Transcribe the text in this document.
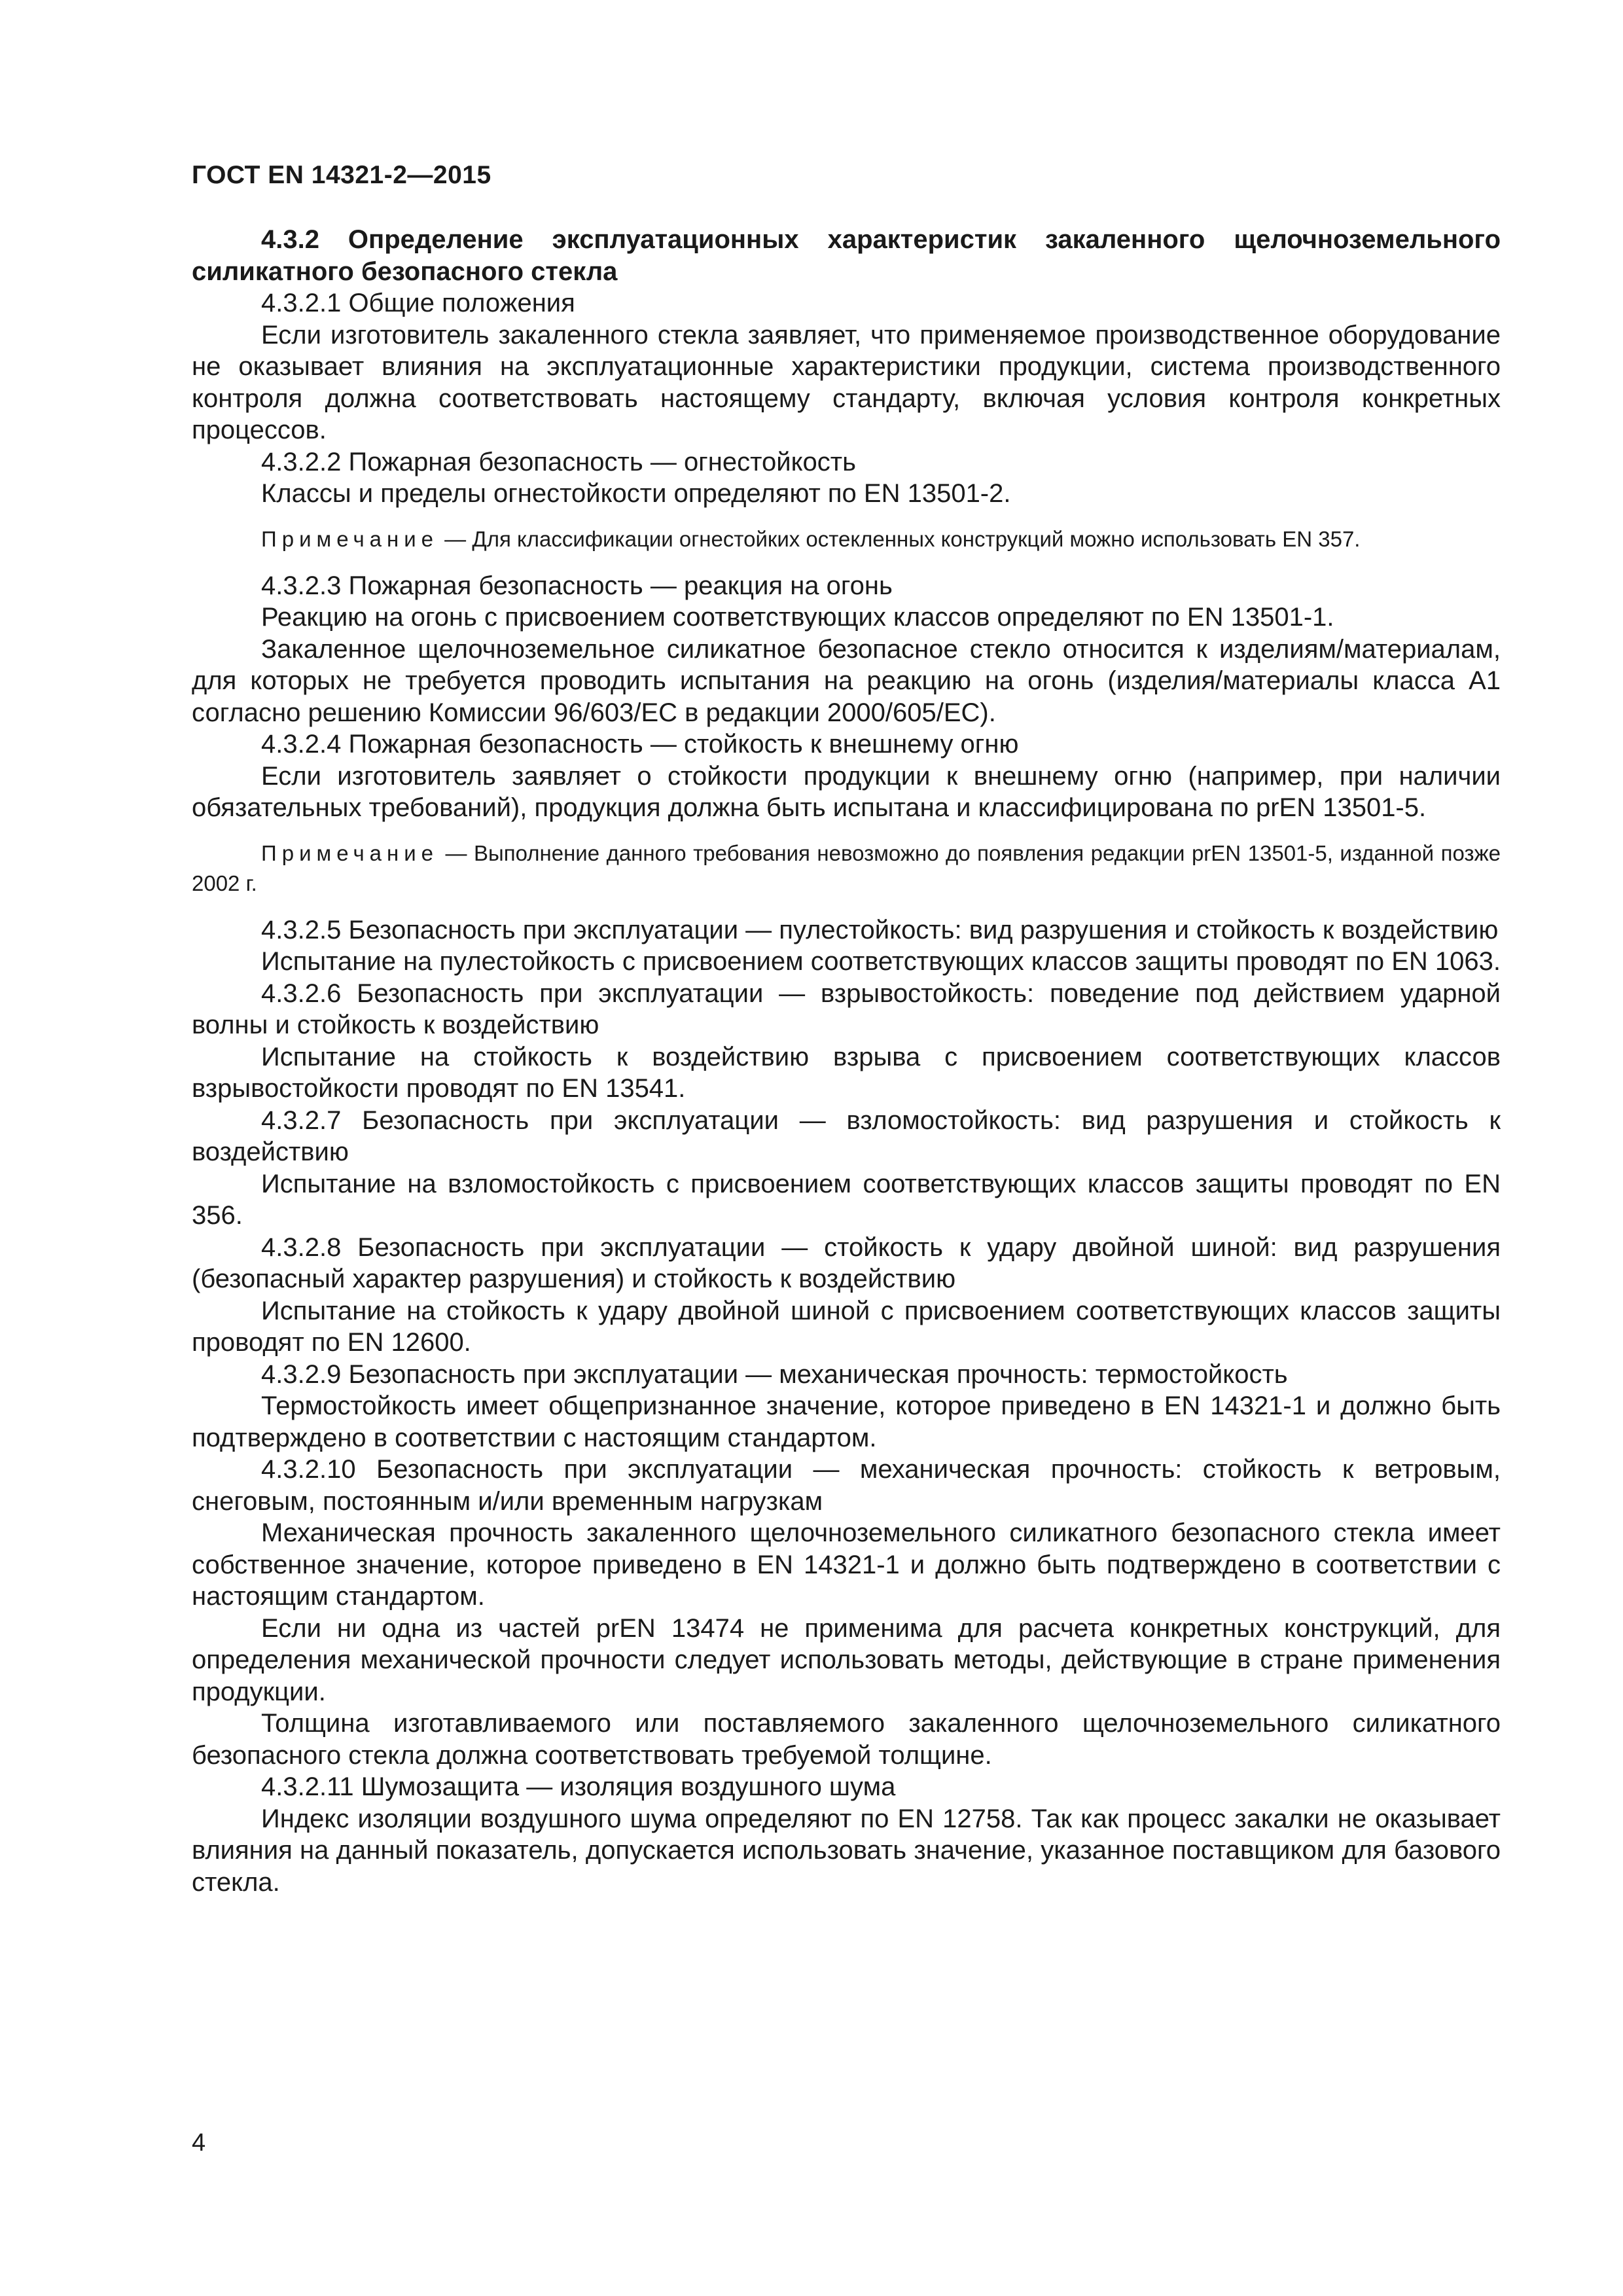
ГОСТ EN 14321-2—2015

4.3.2 Определение эксплуатационных характеристик закаленного щелочноземельного силикатного безопасного стекла

4.3.2.1 Общие положения

Если изготовитель закаленного стекла заявляет, что применяемое производственное оборудование не оказывает влияния на эксплуатационные характеристики продукции, система производственного контроля должна соответствовать настоящему стандарту, включая условия контроля конкретных процессов.

4.3.2.2 Пожарная безопасность — огнестойкость

Классы и пределы огнестойкости определяют по EN 13501-2.

Примечание — Для классификации огнестойких остекленных конструкций можно использовать EN 357.

4.3.2.3 Пожарная безопасность — реакция на огонь

Реакцию на огонь с присвоением соответствующих классов определяют по EN 13501-1.

Закаленное щелочноземельное силикатное безопасное стекло относится к изделиям/материалам, для которых не требуется проводить испытания на реакцию на огонь (изделия/материалы класса А1 согласно решению Комиссии 96/603/ЕС в редакции 2000/605/ЕС).

4.3.2.4 Пожарная безопасность — стойкость к внешнему огню

Если изготовитель заявляет о стойкости продукции к внешнему огню (например, при наличии обязательных требований), продукция должна быть испытана и классифицирована по prEN 13501-5.

Примечание — Выполнение данного требования невозможно до появления редакции prEN 13501-5, изданной позже 2002 г.

4.3.2.5 Безопасность при эксплуатации — пулестойкость: вид разрушения и стойкость к воздействию

Испытание на пулестойкость с присвоением соответствующих классов защиты проводят по EN 1063.

4.3.2.6 Безопасность при эксплуатации — взрывостойкость: поведение под действием ударной волны и стойкость к воздействию

Испытание на стойкость к воздействию взрыва с присвоением соответствующих классов взрывостойкости проводят по EN 13541.

4.3.2.7 Безопасность при эксплуатации — взломостойкость: вид разрушения и стойкость к воздействию

Испытание на взломостойкость с присвоением соответствующих классов защиты проводят по EN 356.

4.3.2.8 Безопасность при эксплуатации — стойкость к удару двойной шиной: вид разрушения (безопасный характер разрушения) и стойкость к воздействию

Испытание на стойкость к удару двойной шиной с присвоением соответствующих классов защиты проводят по EN 12600.

4.3.2.9 Безопасность при эксплуатации — механическая прочность: термостойкость

Термостойкость имеет общепризнанное значение, которое приведено в EN 14321-1 и должно быть подтверждено в соответствии с настоящим стандартом.

4.3.2.10 Безопасность при эксплуатации — механическая прочность: стойкость к ветровым, снеговым, постоянным и/или временным нагрузкам

Механическая прочность закаленного щелочноземельного силикатного безопасного стекла имеет собственное значение, которое приведено в EN 14321-1 и должно быть подтверждено в соответствии с настоящим стандартом.

Если ни одна из частей prEN 13474 не применима для расчета конкретных конструкций, для определения механической прочности следует использовать методы, действующие в стране применения продукции.

Толщина изготавливаемого или поставляемого закаленного щелочноземельного силикатного безопасного стекла должна соответствовать требуемой толщине.

4.3.2.11 Шумозащита — изоляция воздушного шума

Индекс изоляции воздушного шума определяют по EN 12758. Так как процесс закалки не оказывает влияния на данный показатель, допускается использовать значение, указанное поставщиком для базового стекла.

4
